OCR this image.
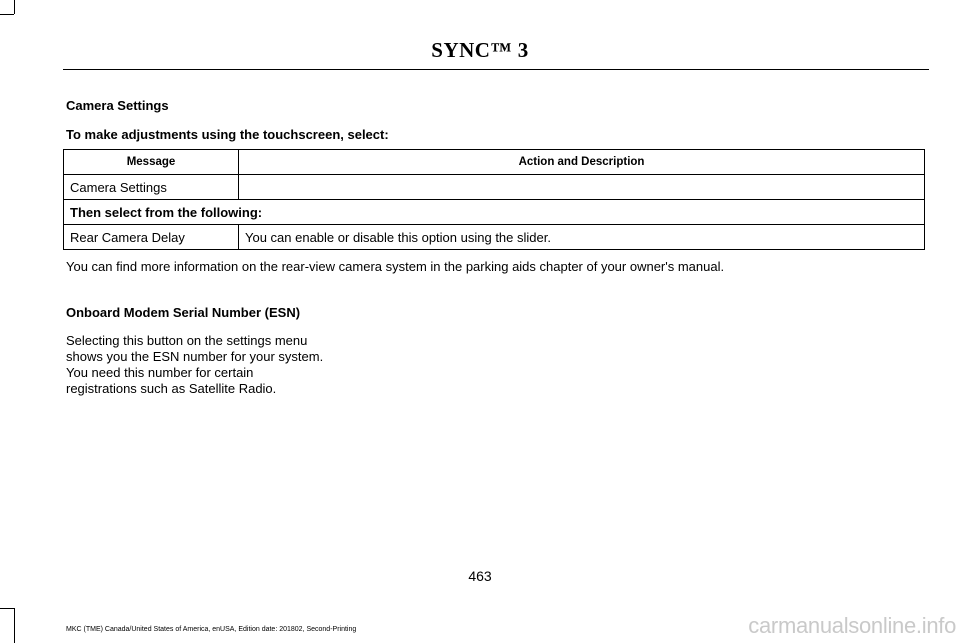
SYNC™ 3
Camera Settings
To make adjustments using the touchscreen, select:
Message	Action and Description
Camera Settings	
Then select from the following:	
Rear Camera Delay	You can enable or disable this option using the slider.
You can find more information on the rear-view camera system in the parking aids chapter of your owner's manual.
Onboard Modem Serial Number (ESN)
Selecting this button on the settings menu
shows you the ESN number for your system.
You need this number for certain
registrations such as Satellite Radio.
463
MKC (TME) Canada/United States of America, enUSA, Edition date: 201802, Second-Printing	carmanualsonline.info
